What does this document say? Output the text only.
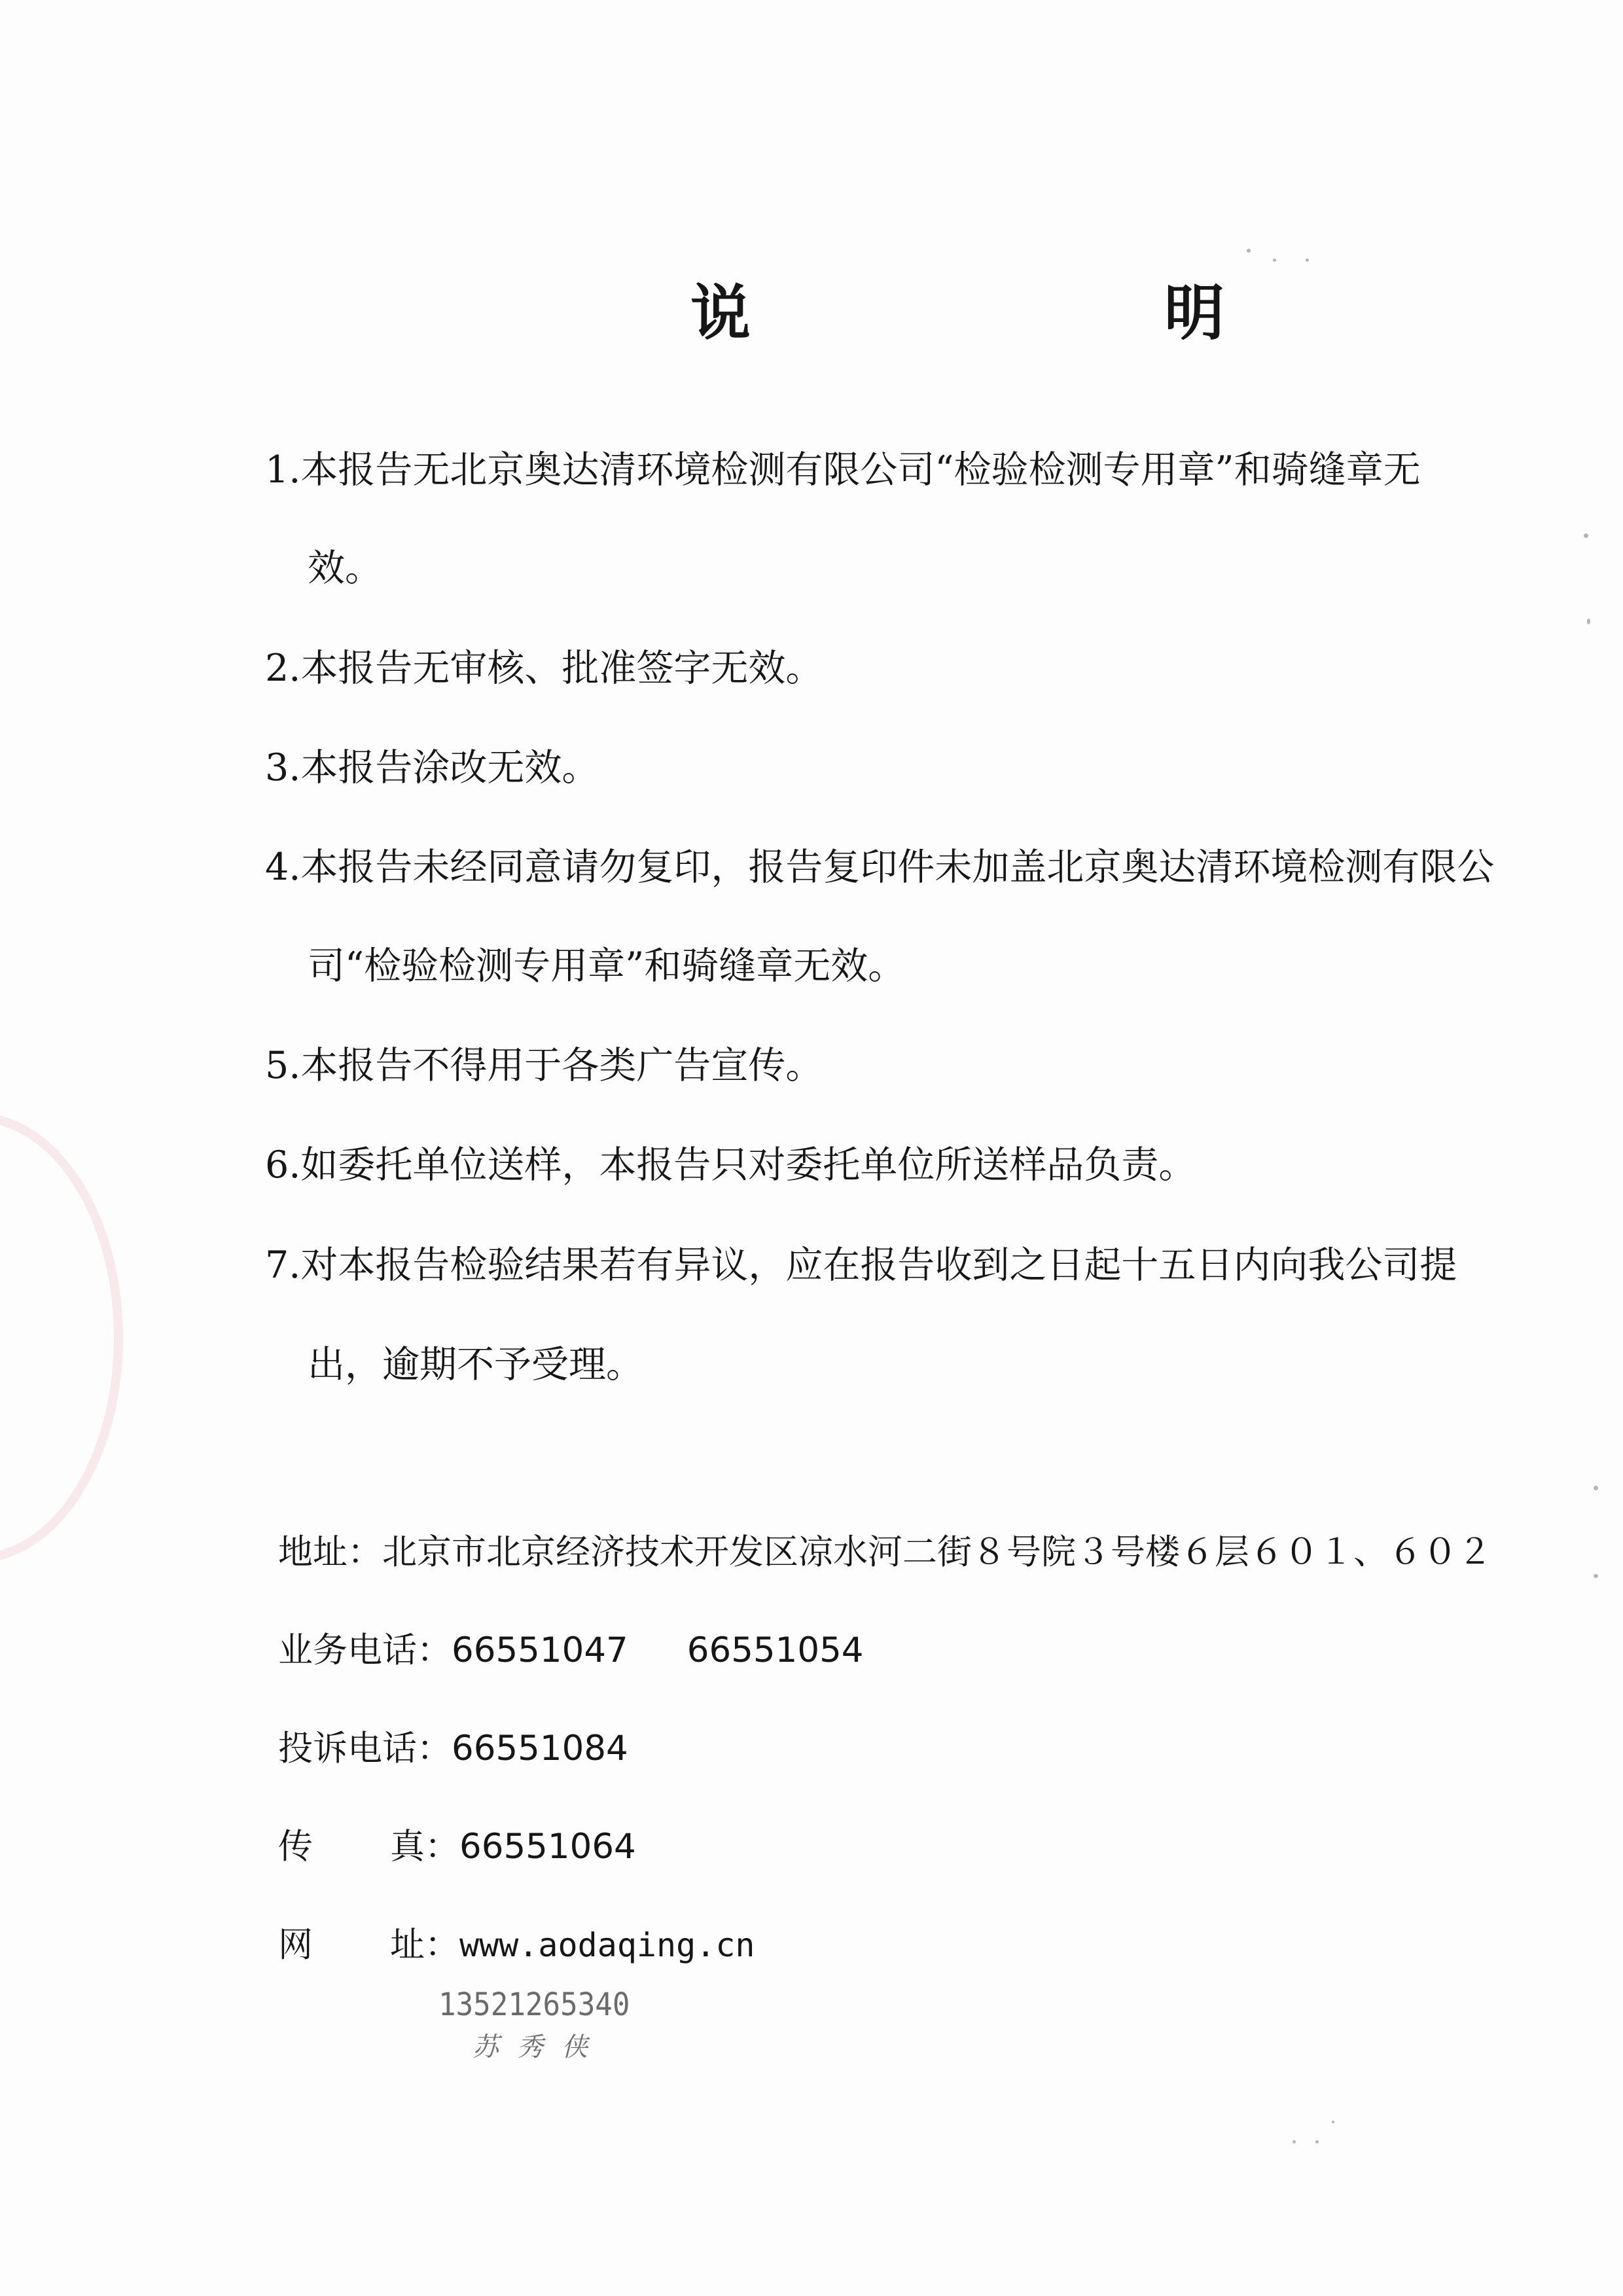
说 明
1.本报告无北京奥达清环境检测有限公司“检验检测专用章”和骑缝章无
效。
2.本报告无审核、批准签字无效。
3.本报告涂改无效。
4.本报告未经同意请勿复印，报告复印件未加盖北京奥达清环境检测有限公
司“检验检测专用章”和骑缝章无效。
5.本报告不得用于各类广告宣传。
6.如委托单位送样，本报告只对委托单位所送样品负责。
7.对本报告检验结果若有异议，应在报告收到之日起十五日内向我公司提
出，逾期不予受理。
地址：北京市北京经济技术开发区凉水河二街８号院３号楼６层６０１、６０２
业务电话：66551047 66551054
投诉电话：66551084
传真：66551064
网址：www.aodaqing.cn
13521265340
苏秀侠
